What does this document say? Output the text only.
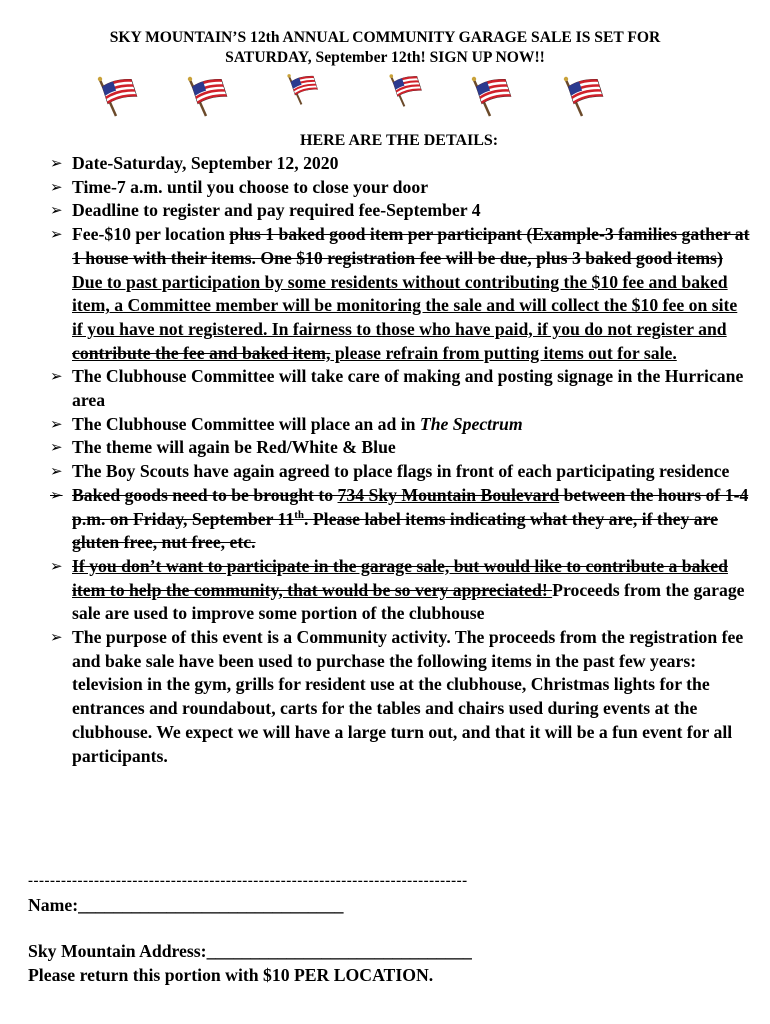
SKY MOUNTAIN’S 12th ANNUAL COMMUNITY GARAGE SALE IS SET FOR
SATURDAY, September 12th! SIGN UP NOW!!
HERE ARE THE DETAILS:
➢ Date-Saturday, September 12, 2020
➢ Time-7 a.m. until you choose to close your door
➢ Deadline to register and pay required fee-September 4
➢ Fee-$10 per location plus 1 baked good item per participant (Example-3 families gather at 1 house with their items. One $10 registration fee will be due, plus 3 baked good items) Due to past participation by some residents without contributing the $10 fee and baked item, a Committee member will be monitoring the sale and will collect the $10 fee on site if you have not registered. In fairness to those who have paid, if you do not register and contribute the fee and baked item, please refrain from putting items out for sale.
➢ The Clubhouse Committee will take care of making and posting signage in the Hurricane area
➢ The Clubhouse Committee will place an ad in The Spectrum
➢ The theme will again be Red/White & Blue
➢ The Boy Scouts have again agreed to place flags in front of each participating residence
➢ Baked goods need to be brought to 734 Sky Mountain Boulevard between the hours of 1-4 p.m. on Friday, September 11th. Please label items indicating what they are, if they are gluten free, nut free, etc.
➢ If you don’t want to participate in the garage sale, but would like to contribute a baked item to help the community, that would be so very appreciated! Proceeds from the garage sale are used to improve some portion of the clubhouse
➢ The purpose of this event is a Community activity. The proceeds from the registration fee and bake sale have been used to purchase the following items in the past few years: television in the gym, grills for resident use at the clubhouse, Christmas lights for the entrances and roundabout, carts for the tables and chairs used during events at the clubhouse. We expect we will have a large turn out, and that it will be a fun event for all participants.
--------------------------------------------------------------------------------
Name:______________________________
Sky Mountain Address:______________________________
Please return this portion with $10 PER LOCATION.
